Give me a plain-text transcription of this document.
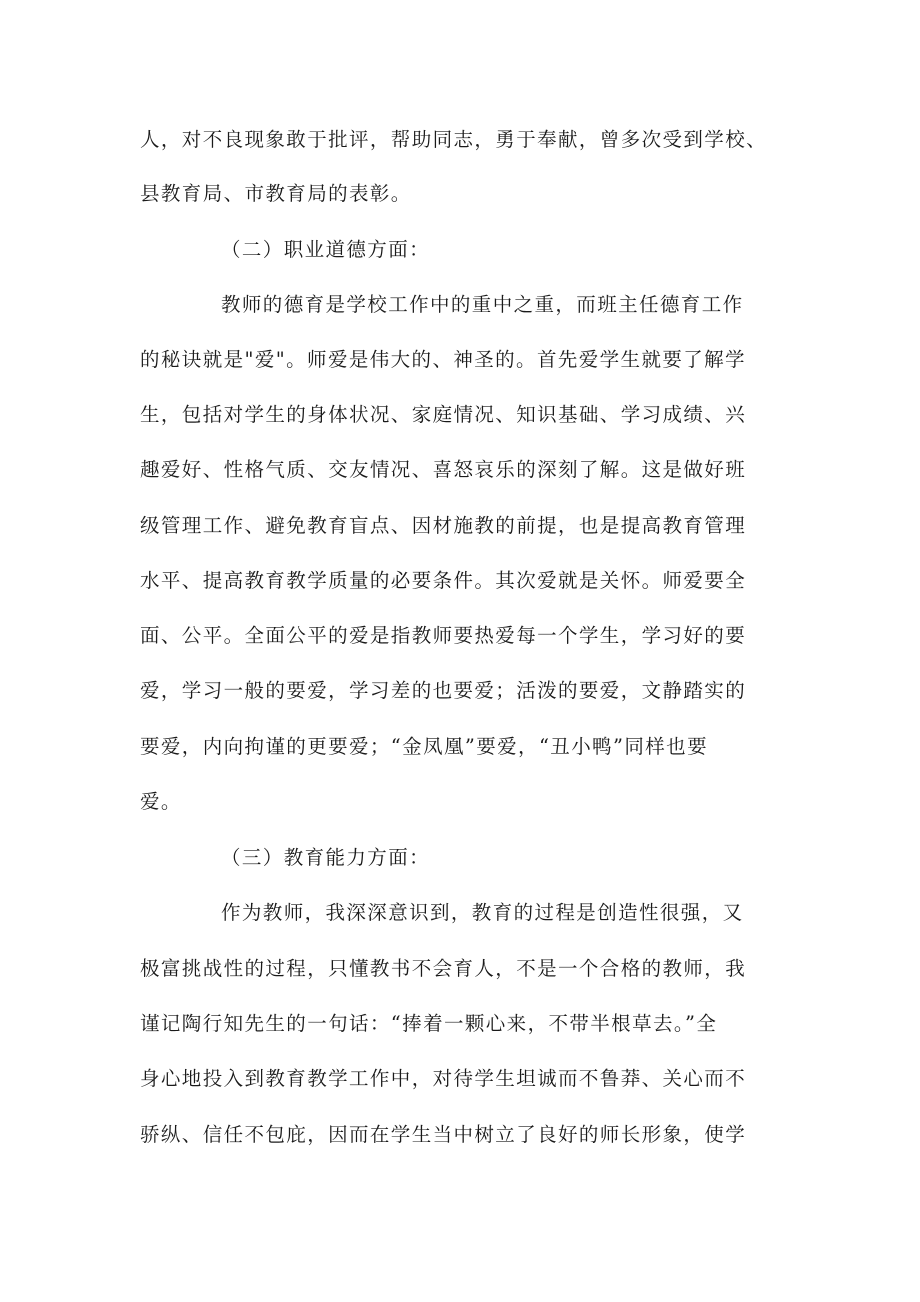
人，对不良现象敢于批评，帮助同志，勇于奉献，曾多次受到学校、

县教育局、市教育局的表彰。

（二）职业道德方面：

教师的德育是学校工作中的重中之重，而班主任德育工作

的秘诀就是"爱"。师爱是伟大的、神圣的。首先爱学生就要了解学

生，包括对学生的身体状况、家庭情况、知识基础、学习成绩、兴

趣爱好、性格气质、交友情况、喜怒哀乐的深刻了解。这是做好班

级管理工作、避免教育盲点、因材施教的前提，也是提高教育管理

水平、提高教育教学质量的必要条件。其次爱就是关怀。师爱要全

面、公平。全面公平的爱是指教师要热爱每一个学生，学习好的要

爱，学习一般的要爱，学习差的也要爱；活泼的要爱，文静踏实的

要爱，内向拘谨的更要爱；“金凤凰”要爱，“丑小鸭”同样也要

爱。

（三）教育能力方面：

作为教师，我深深意识到，教育的过程是创造性很强，又

极富挑战性的过程，只懂教书不会育人，不是一个合格的教师，我

谨记陶行知先生的一句话：“捧着一颗心来，不带半根草去。”全

身心地投入到教育教学工作中，对待学生坦诚而不鲁莽、关心而不

骄纵、信任不包庇，因而在学生当中树立了良好的师长形象，使学
